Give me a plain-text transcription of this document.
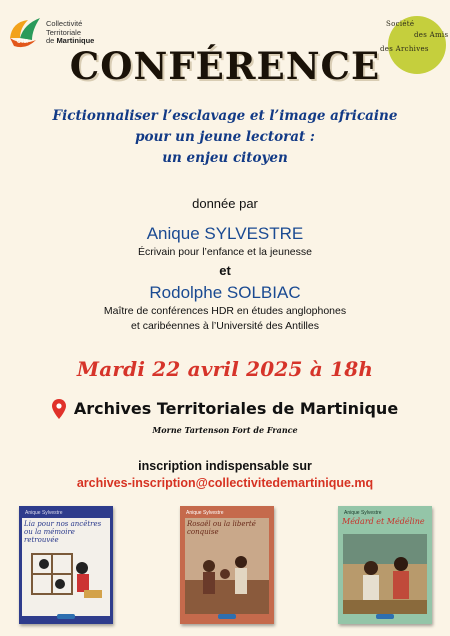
CTM
Collectivité
Territoriale
de Martinique
Société
des Amis
des Archives
CONFÉRENCE
Fictionnaliser l’esclavage et l’image africaine
pour un jeune lectorat :
un enjeu citoyen
donnée par
Anique SYLVESTRE
Écrivain pour l’enfance et la jeunesse
et
Rodolphe SOLBIAC
Maître de conférences HDR en études anglophones
et caribéennes à l’Université des Antilles
Mardi 22 avril 2025 à 18h
Archives Territoriales de Martinique
Morne Tartenson Fort de France
inscription indispensable sur
archives-inscription@collectivitedemartinique.mq
Anique Sylvestre
Lia pour nos ancêtres ou la mémoire retrouvée
Anique Sylvestre
Rosaël ou la liberté conquise
Anique Sylvestre
Médard et Médéline
